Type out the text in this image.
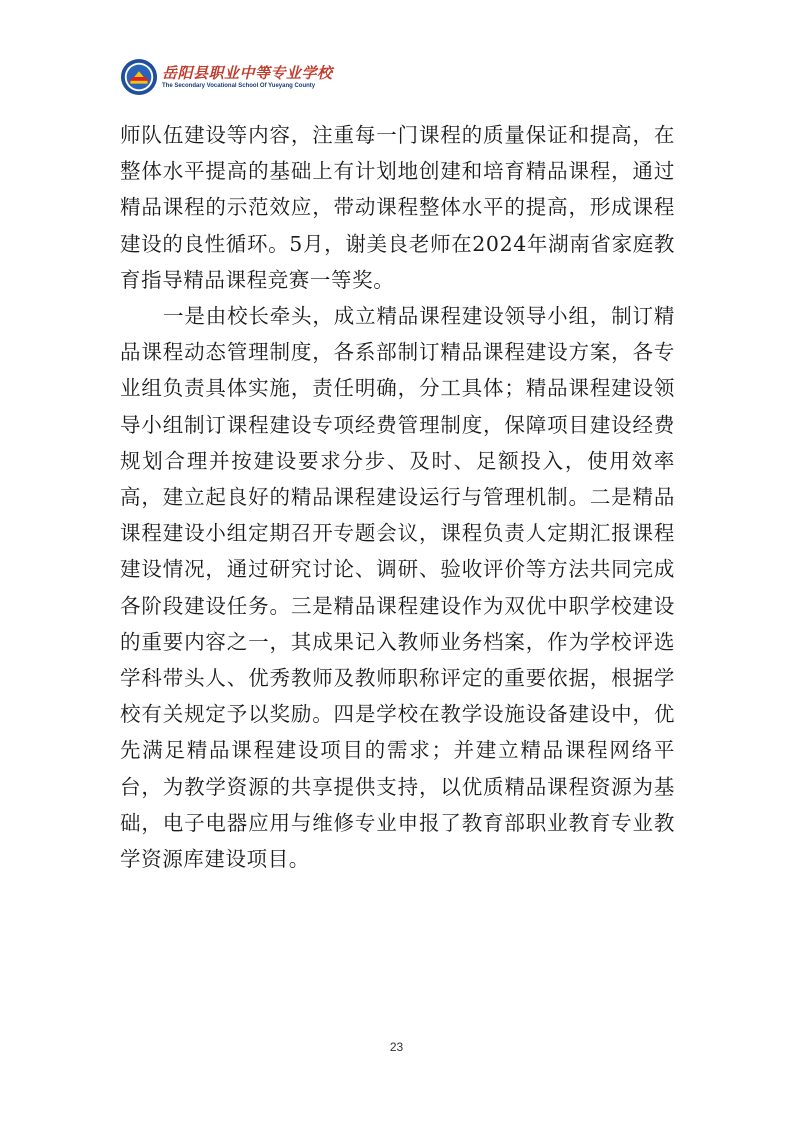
岳阳县职业中等专业学校
The Secondary Vocational School Of Yueyang County

师队伍建设等内容，注重每一门课程的质量保证和提高，在整体水平提高的基础上有计划地创建和培育精品课程，通过精品课程的示范效应，带动课程整体水平的提高，形成课程建设的良性循环。5月，谢美良老师在2024年湖南省家庭教育指导精品课程竞赛一等奖。

一是由校长牵头，成立精品课程建设领导小组，制订精品课程动态管理制度，各系部制订精品课程建设方案，各专业组负责具体实施，责任明确，分工具体；精品课程建设领导小组制订课程建设专项经费管理制度，保障项目建设经费规划合理并按建设要求分步、及时、足额投入，使用效率高，建立起良好的精品课程建设运行与管理机制。二是精品课程建设小组定期召开专题会议，课程负责人定期汇报课程建设情况，通过研究讨论、调研、验收评价等方法共同完成各阶段建设任务。三是精品课程建设作为双优中职学校建设的重要内容之一，其成果记入教师业务档案，作为学校评选学科带头人、优秀教师及教师职称评定的重要依据，根据学校有关规定予以奖励。四是学校在教学设施设备建设中，优先满足精品课程建设项目的需求；并建立精品课程网络平台，为教学资源的共享提供支持，以优质精品课程资源为基础，电子电器应用与维修专业申报了教育部职业教育专业教学资源库建设项目。

23
